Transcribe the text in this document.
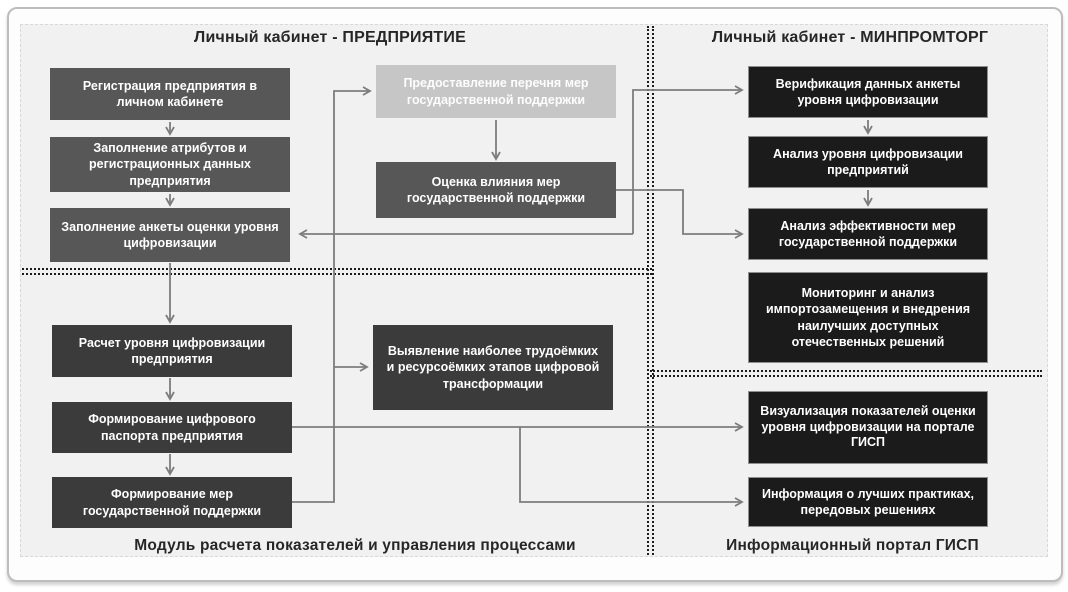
Личный кабинет - ПРЕДПРИЯТИЕ	Личный кабинет - МИНПРОМТОРГ
Модуль расчета показателей и управления процессами	Информационный портал ГИСП
Регистрация предприятия в личном кабинете
Заполнение атрибутов и регистрационных данных предприятия
Заполнение анкеты оценки уровня цифровизации
Предоставление перечня мер государственной поддержки
Оценка влияния мер государственной поддержки
Верификация данных анкеты уровня цифровизации
Анализ уровня цифровизации предприятий
Анализ эффективности мер государственной поддержки
Мониторинг и анализ импортозамещения и внедрения наилучших доступных отечественных решений
Расчет уровня цифровизации предприятия
Формирование цифрового паспорта предприятия
Формирование мер государственной поддержки
Выявление наиболее трудоёмких и ресурсоёмких этапов цифровой трансформации
Визуализация показателей оценки уровня цифровизации на портале ГИСП
Информация о лучших практиках, передовых решениях
